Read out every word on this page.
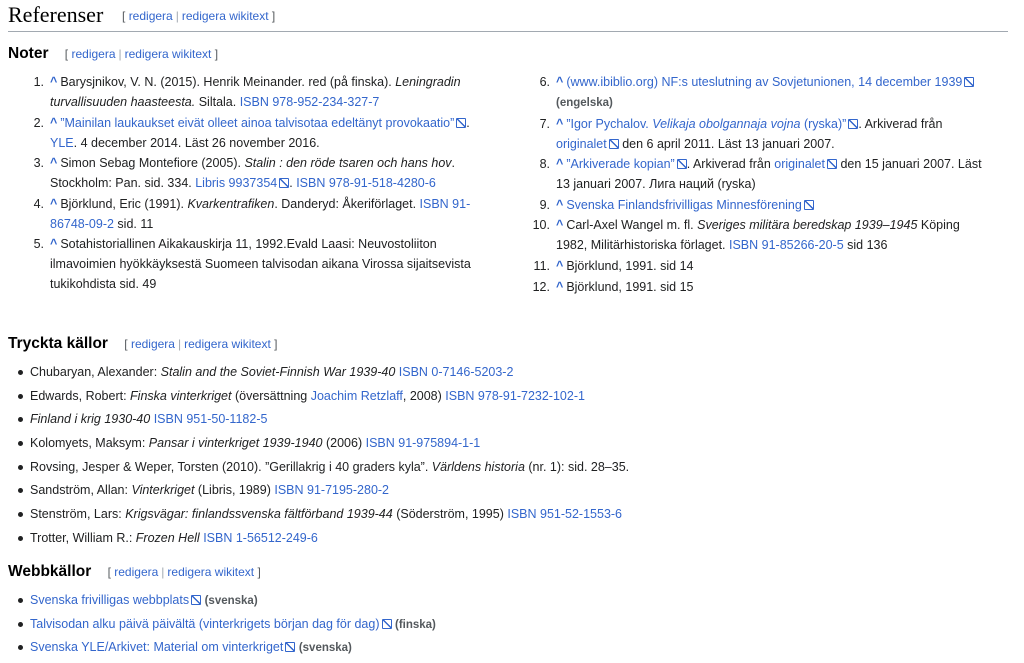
Referenser [ redigera | redigera wikitext ]
Noter [ redigera | redigera wikitext ]
1. ^ Barysjnikov, V. N. (2015). Henrik Meinander. red (på finska). Leningradin turvallisuuden haasteesta. Siltala. ISBN 978-952-234-327-7
2. ^ ”Mainilan laukaukset eivät olleet ainoa talvisotaa edeltänyt provokaatio” . YLE. 4 december 2014. Läst 26 november 2016.
3. ^ Simon Sebag Montefiore (2005). Stalin : den röde tsaren och hans hov. Stockholm: Pan. sid. 334. Libris 9937354 . ISBN 978-91-518-4280-6
4. ^ Björklund, Eric (1991). Kvarkentrafiken. Danderyd: Åkeriförlaget. ISBN 91-86748-09-2 sid. 11
5. ^ Sotahistoriallinen Aikakauskirja 11, 1992.Evald Laasi: Neuvostoliiton ilmavoimien hyökkäyksestä Suomeen talvisodan aikana Virossa sijaitsevista tukikohdista sid. 49
6. ^ (www.ibiblio.org) NF:s uteslutning av Sovjetunionen, 14 december 1939 (engelska)
7. ^ ”Igor Pychalov. Velikaja obolgannaja vojna (ryska)” . Arkiverad från originalet den 6 april 2011. Läst 13 januari 2007.
8. ^ ”Arkiverade kopian” . Arkiverad från originalet den 15 januari 2007. Läst 13 januari 2007. Лига наций (ryska)
9. ^ Svenska Finlandsfrivilligas Minnesförening
10. ^ Carl-Axel Wangel m. fl. Sveriges militära beredskap 1939–1945 Köping 1982, Militärhistoriska förlaget. ISBN 91-85266-20-5 sid 136
11. ^ Björklund, 1991. sid 14
12. ^ Björklund, 1991. sid 15
Tryckta källor [ redigera | redigera wikitext ]
Chubaryan, Alexander: Stalin and the Soviet-Finnish War 1939-40 ISBN 0-7146-5203-2
Edwards, Robert: Finska vinterkriget (översättning Joachim Retzlaff, 2008) ISBN 978-91-7232-102-1
Finland i krig 1930-40 ISBN 951-50-1182-5
Kolomyets, Maksym: Pansar i vinterkriget 1939-1940 (2006) ISBN 91-975894-1-1
Rovsing, Jesper & Weper, Torsten (2010). ”Gerillakrig i 40 graders kyla”. Världens historia (nr. 1): sid. 28–35.
Sandström, Allan: Vinterkriget (Libris, 1989) ISBN 91-7195-280-2
Stenström, Lars: Krigsvägar: finlandssvenska fältförband 1939-44 (Söderström, 1995) ISBN 951-52-1553-6
Trotter, William R.: Frozen Hell ISBN 1-56512-249-6
Webbkällor [ redigera | redigera wikitext ]
Svenska frivilligas webbplats (svenska)
Talvisodan alku päivä päivältä (vinterkrigets början dag för dag) (finska)
Svenska YLE/Arkivet: Material om vinterkriget (svenska)
